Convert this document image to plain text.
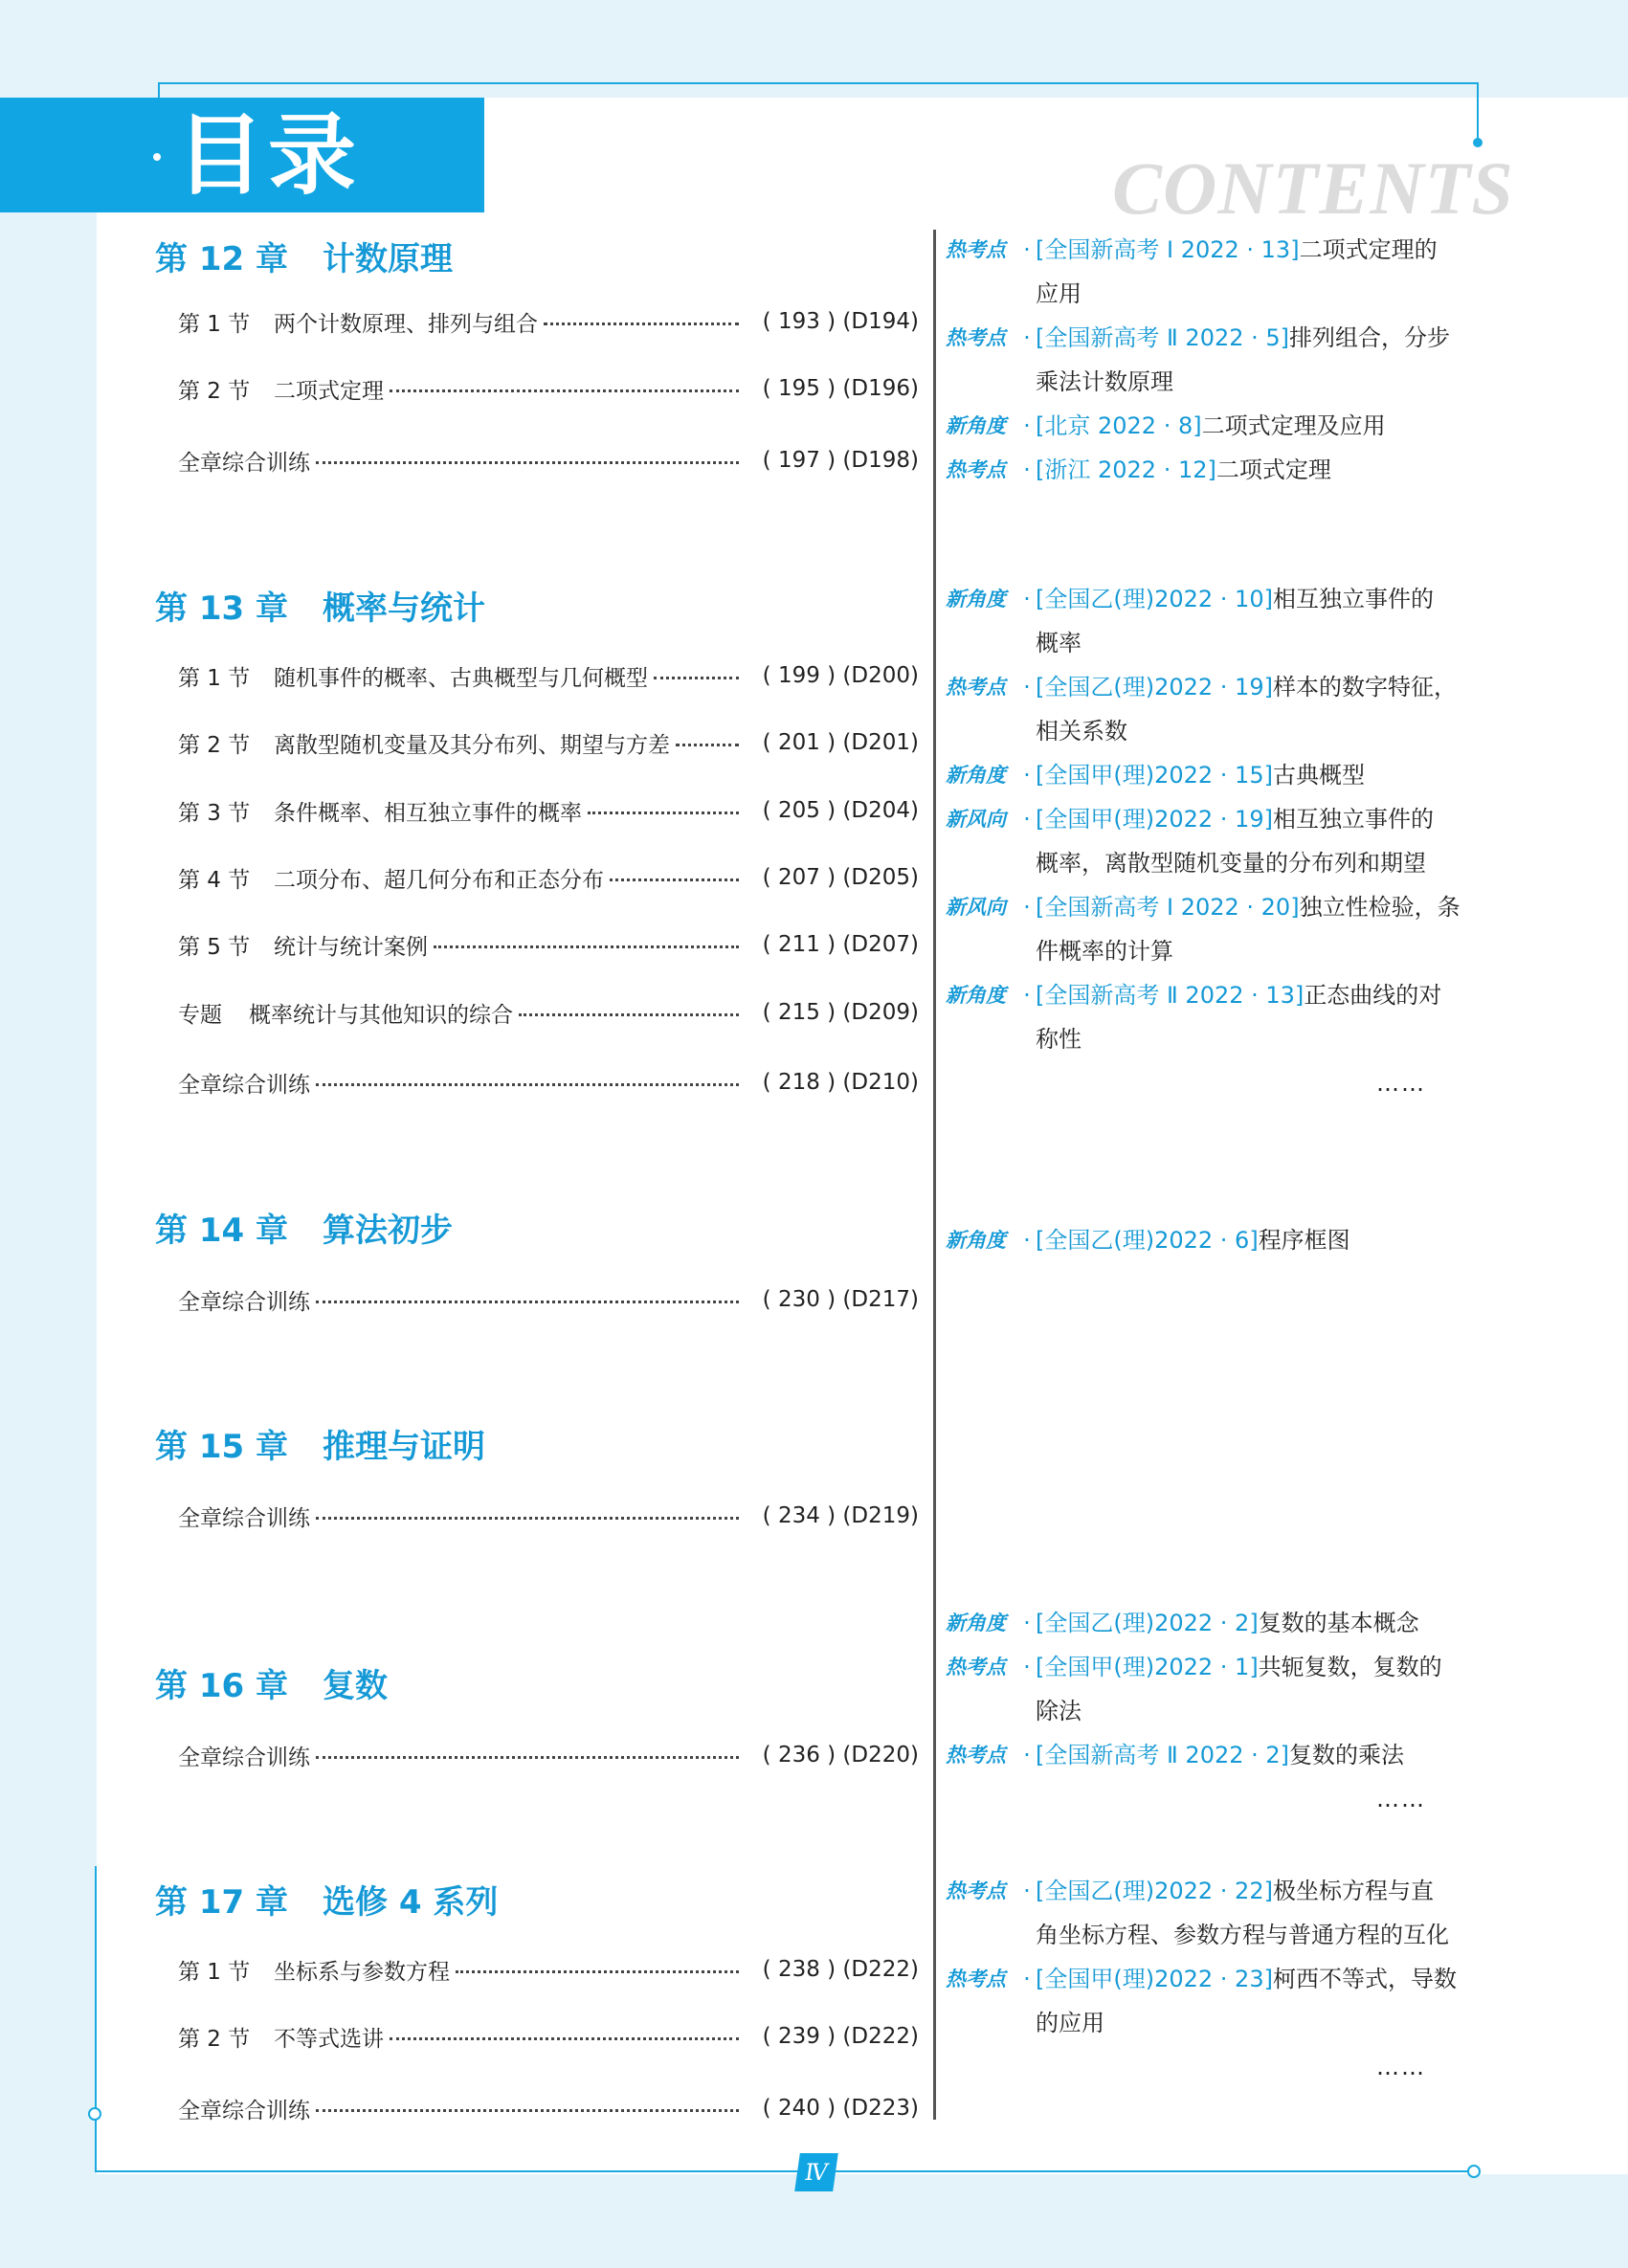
目录	CONTENTS
第 12 章 计数原理
第 1 节	两个计数原理、排列与组合	( 193 ) (D194)
第 2 节	二项式定理	( 195 ) (D196)
全章综合训练	( 197 ) (D198)
第 13 章 概率与统计
第 1 节	随机事件的概率、古典概型与几何概型	( 199 ) (D200)
第 2 节	离散型随机变量及其分布列、期望与方差	( 201 ) (D201)
第 3 节	条件概率、相互独立事件的概率	( 205 ) (D204)
第 4 节	二项分布、超几何分布和正态分布	( 207 ) (D205)
第 5 节	统计与统计案例	( 211 ) (D207)
专题	概率统计与其他知识的综合	( 215 ) (D209)
全章综合训练	( 218 ) (D210)
第 14 章 算法初步
全章综合训练	( 230 ) (D217)
第 15 章 推理与证明
全章综合训练	( 234 ) (D219)
第 16 章 复数
全章综合训练	( 236 ) (D220)
第 17 章 选修 4 系列
第 1 节	坐标系与参数方程	( 238 ) (D222)
第 2 节	不等式选讲	( 239 ) (D222)
全章综合训练	( 240 ) (D223)
热考点 · [全国新高考 Ⅰ 2022 · 13]二项式定理的
应用
热考点 · [全国新高考 Ⅱ 2022 · 5]排列组合，分步
乘法计数原理
新角度 · [北京 2022 · 8]二项式定理及应用
热考点 · [浙江 2022 · 12]二项式定理
新角度 · [全国乙(理)2022 · 10]相互独立事件的
概率
热考点 · [全国乙(理)2022 · 19]样本的数字特征，
相关系数
新角度 · [全国甲(理)2022 · 15]古典概型
新风向 · [全国甲(理)2022 · 19]相互独立事件的
概率，离散型随机变量的分布列和期望
新风向 · [全国新高考 Ⅰ 2022 · 20]独立性检验，条
件概率的计算
新角度 · [全国新高考 Ⅱ 2022 · 13]正态曲线的对
称性
……
新角度 · [全国乙(理)2022 · 6]程序框图
新角度 · [全国乙(理)2022 · 2]复数的基本概念
热考点 · [全国甲(理)2022 · 1]共轭复数，复数的
除法
热考点 · [全国新高考 Ⅱ 2022 · 2]复数的乘法
……
热考点 · [全国乙(理)2022 · 22]极坐标方程与直
角坐标方程、参数方程与普通方程的互化
热考点 · [全国甲(理)2022 · 23]柯西不等式，导数
的应用
……
Ⅳ
